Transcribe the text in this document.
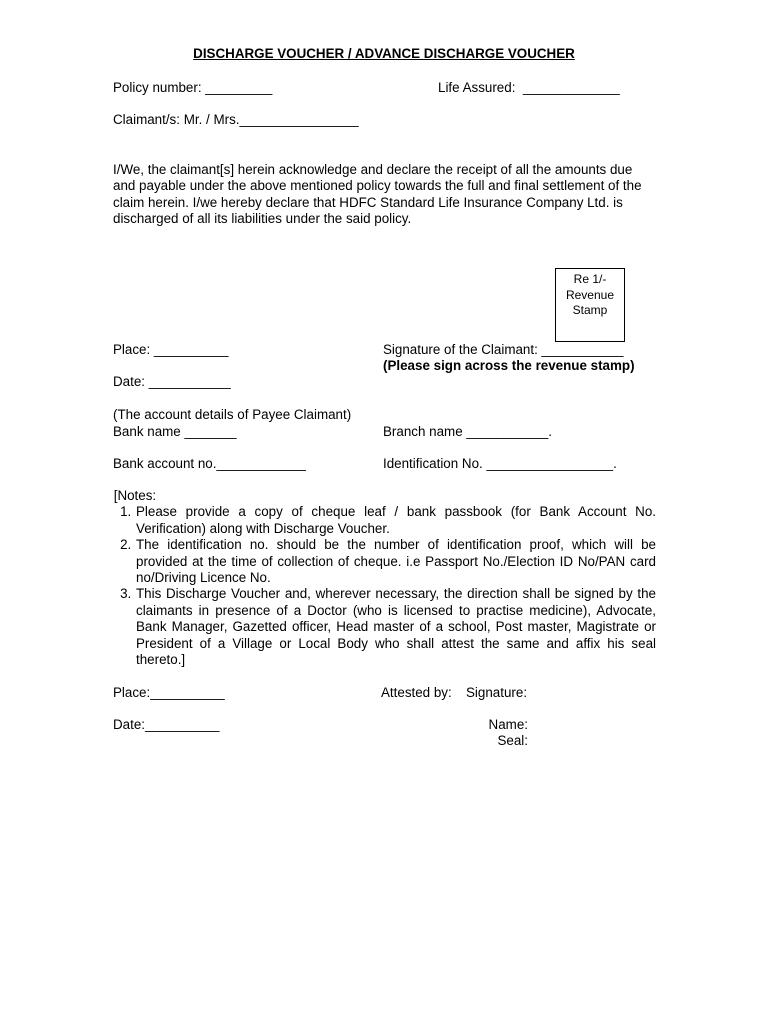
DISCHARGE VOUCHER / ADVANCE DISCHARGE VOUCHER
Policy number: _________	Life Assured:  _____________
Claimant/s: Mr. / Mrs.________________
I/We, the claimant[s] herein acknowledge and declare the receipt of all the amounts due and payable under the above mentioned policy towards the full and final settlement of the claim herein. I/we hereby declare that HDFC Standard Life Insurance Company Ltd. is discharged of all its liabilities under the said policy.
Re 1/-
Revenue
Stamp
Place: __________	Signature of the Claimant: ___________
(Please sign across the revenue stamp)
Date: ___________
(The account details of Payee Claimant)
Bank name _______	Branch name ___________.
Bank account no.____________	Identification No. _________________.
[Notes:
1. Please provide a copy of cheque leaf / bank passbook (for Bank Account No. Verification) along with Discharge Voucher.
2. The identification no. should be the number of identification proof, which will be provided at the time of collection of cheque. i.e Passport No./Election ID No/PAN card no/Driving Licence No.
3. This Discharge Voucher and, wherever necessary, the direction shall be signed by the claimants in presence of a Doctor (who is licensed to practise medicine), Advocate, Bank Manager, Gazetted officer, Head master of a school, Post master, Magistrate or President of a Village or Local Body who shall attest the same and affix his seal thereto.]
Place:__________	Attested by: Signature:
Date:__________	Name:
Seal:
